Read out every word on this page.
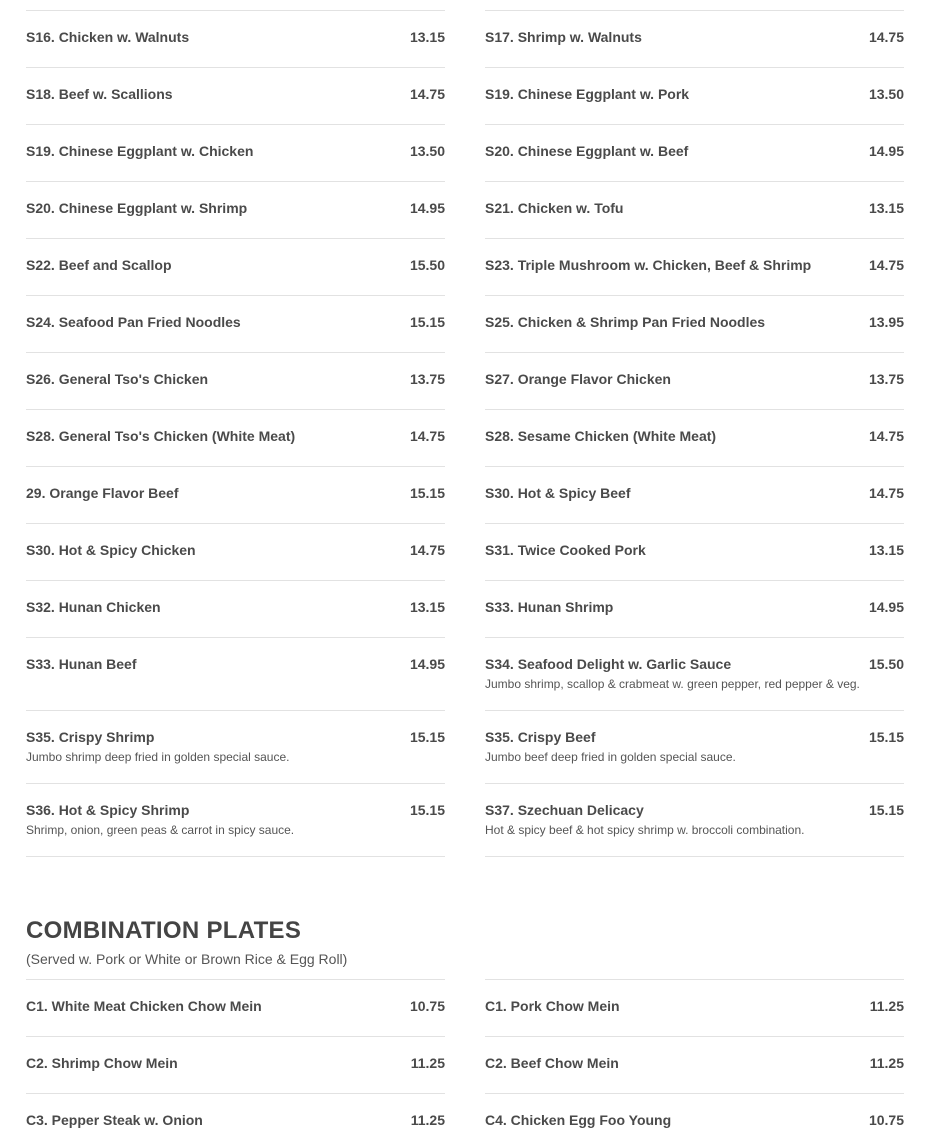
S16. Chicken w. Walnuts	13.15	S17. Shrimp w. Walnuts	14.75
S18. Beef w. Scallions	14.75	S19. Chinese Eggplant w. Pork	13.50
S19. Chinese Eggplant w. Chicken	13.50	S20. Chinese Eggplant w. Beef	14.95
S20. Chinese Eggplant w. Shrimp	14.95	S21. Chicken w. Tofu	13.15
S22. Beef and Scallop	15.50	S23. Triple Mushroom w. Chicken, Beef & Shrimp	14.75
S24. Seafood Pan Fried Noodles	15.15	S25. Chicken & Shrimp Pan Fried Noodles	13.95
S26. General Tso's Chicken	13.75	S27. Orange Flavor Chicken	13.75
S28. General Tso's Chicken (White Meat)	14.75	S28. Sesame Chicken (White Meat)	14.75
29. Orange Flavor Beef	15.15	S30. Hot & Spicy Beef	14.75
S30. Hot & Spicy Chicken	14.75	S31. Twice Cooked Pork	13.15
S32. Hunan Chicken	13.15	S33. Hunan Shrimp	14.95
S33. Hunan Beef	14.95	S34. Seafood Delight w. Garlic Sauce	15.50
Jumbo shrimp, scallop & crabmeat w. green pepper, red pepper & veg.
S35. Crispy Shrimp	15.15
Jumbo shrimp deep fried in golden special sauce.
S35. Crispy Beef	15.15
Jumbo beef deep fried in golden special sauce.
S36. Hot & Spicy Shrimp	15.15
Shrimp, onion, green peas & carrot in spicy sauce.
S37. Szechuan Delicacy	15.15
Hot & spicy beef & hot spicy shrimp w. broccoli combination.
COMBINATION PLATES
(Served w. Pork or White or Brown Rice & Egg Roll)
C1. White Meat Chicken Chow Mein	10.75	C1. Pork Chow Mein	11.25
C2. Shrimp Chow Mein	11.25	C2. Beef Chow Mein	11.25
C3. Pepper Steak w. Onion	11.25	C4. Chicken Egg Foo Young	10.75
